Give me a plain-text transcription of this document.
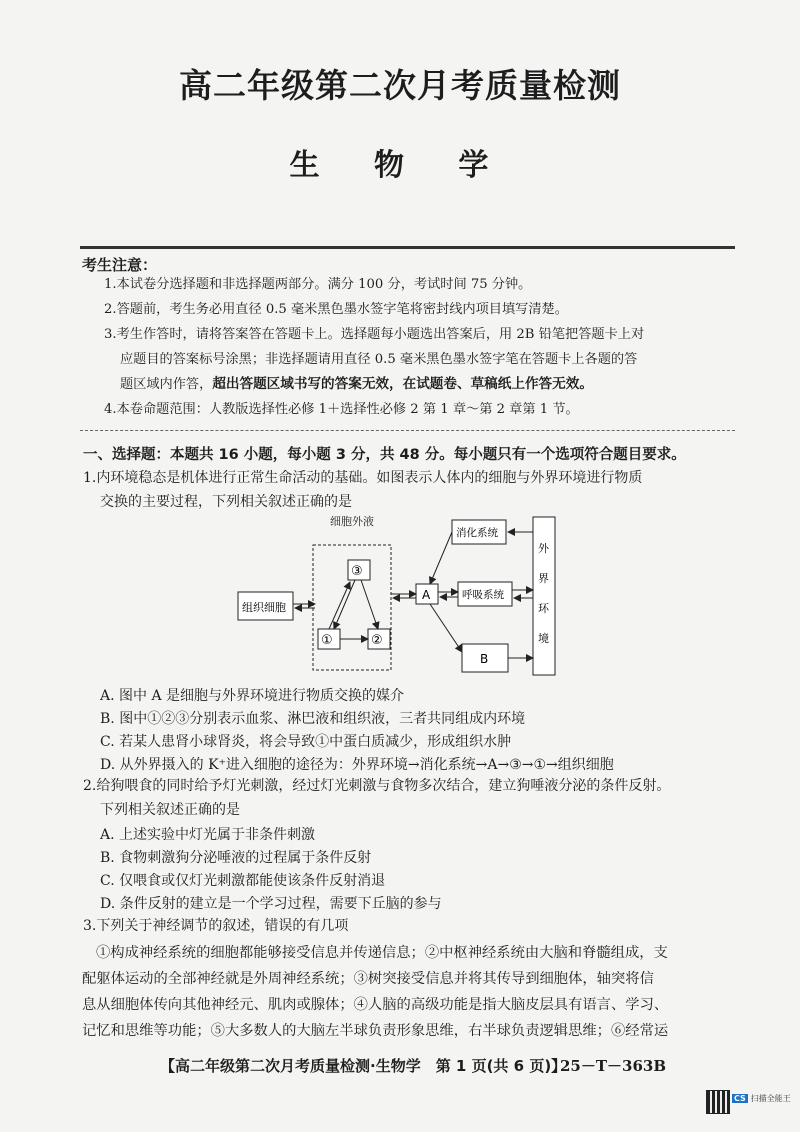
高二年级第二次月考质量检测
生 物 学
考生注意：
1.本试卷分选择题和非选择题两部分。满分 100 分，考试时间 75 分钟。
2.答题前，考生务必用直径 0.5 毫米黑色墨水签字笔将密封线内项目填写清楚。
3.考生作答时，请将答案答在答题卡上。选择题每小题选出答案后，用 2B 铅笔把答题卡上对
应题目的答案标号涂黑；非选择题请用直径 0.5 毫米黑色墨水签字笔在答题卡上各题的答
题区域内作答，超出答题区域书写的答案无效，在试题卷、草稿纸上作答无效。
4.本卷命题范围：人教版选择性必修 1＋选择性必修 2 第 1 章～第 2 章第 1 节。
一、选择题：本题共 16 小题，每小题 3 分，共 48 分。每小题只有一个选项符合题目要求。
1.内环境稳态是机体进行正常生命活动的基础。如图表示人体内的细胞与外界环境进行物质
交换的主要过程，下列相关叙述正确的是
细胞外液
组织细胞
③
①	②
A
消化系统
呼吸系统
B
外
界
环
境
A. 图中 A 是细胞与外界环境进行物质交换的媒介
B. 图中①②③分别表示血浆、淋巴液和组织液，三者共同组成内环境
C. 若某人患肾小球肾炎，将会导致①中蛋白质减少，形成组织水肿
D. 从外界摄入的 K⁺进入细胞的途径为：外界环境→消化系统→A→③→①→组织细胞
2.给狗喂食的同时给予灯光刺激，经过灯光刺激与食物多次结合，建立狗唾液分泌的条件反射。
下列相关叙述正确的是
A. 上述实验中灯光属于非条件刺激
B. 食物刺激狗分泌唾液的过程属于条件反射
C. 仅喂食或仅灯光刺激都能使该条件反射消退
D. 条件反射的建立是一个学习过程，需要下丘脑的参与
3.下列关于神经调节的叙述，错误的有几项
①构成神经系统的细胞都能够接受信息并传递信息；②中枢神经系统由大脑和脊髓组成，支
配躯体运动的全部神经就是外周神经系统；③树突接受信息并将其传导到细胞体，轴突将信
息从细胞体传向其他神经元、肌肉或腺体；④人脑的高级功能是指大脑皮层具有语言、学习、
记忆和思维等功能；⑤大多数人的大脑左半球负责形象思维，右半球负责逻辑思维；⑥经常运
【高二年级第二次月考质量检测·生物学　第 1 页(共 6 页)】
25－T－363B
CS 扫描全能王
